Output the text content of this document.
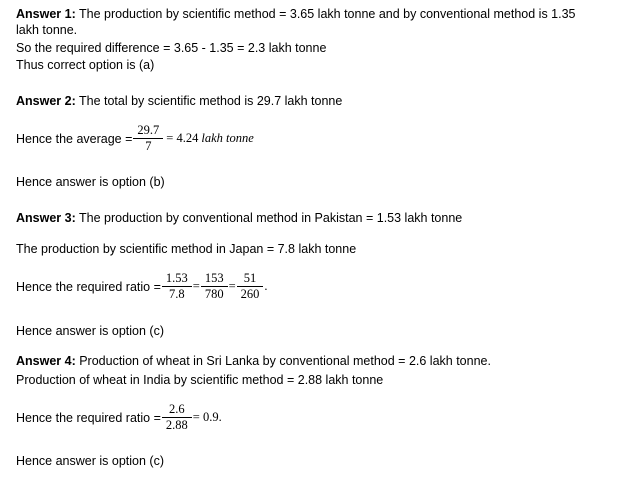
Answer 1: The production by scientific method = 3.65 lakh tonne and by conventional method is 1.35
lakh tonne.
So the required difference = 3.65 - 1.35 = 2.3 lakh tonne
Thus correct option is (a)
Answer 2: The total by scientific method is 29.7 lakh tonne
Hence the average = $\frac{29.7}{7} = 4.24$ lakh tonne
Hence answer is option (b)
Answer 3: The production by conventional method in Pakistan = 1.53 lakh tonne
The production by scientific method in Japan = 7.8 lakh tonne
Hence the required ratio = $\frac{1.53}{7.8} = \frac{153}{780} = \frac{51}{260}$ .
Hence answer is option (c)
Answer 4: Production of wheat in Sri Lanka by conventional method = 2.6 lakh tonne.
Production of wheat in India by scientific method = 2.88 lakh tonne
Hence the required ratio = $\frac{2.6}{2.88} = 0.9$.
Hence answer is option (c)
